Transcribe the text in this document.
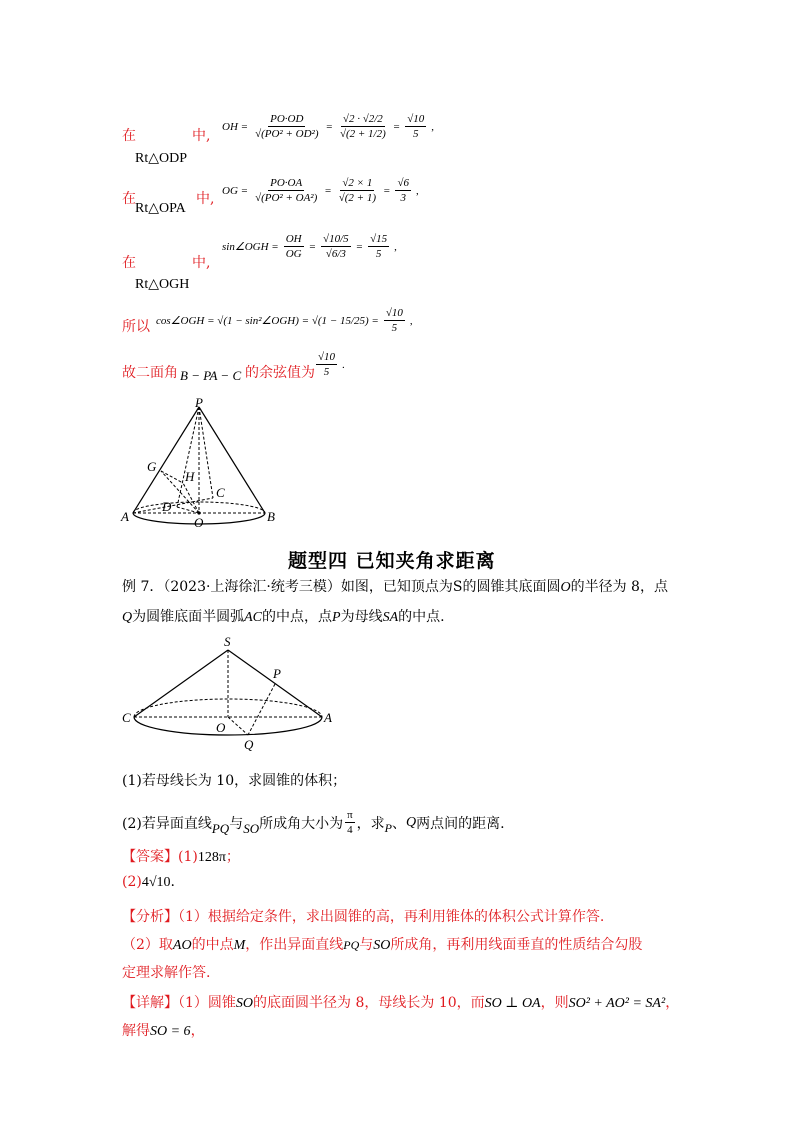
在	中,
Rt△ODP
OH = $\frac{PO\cdot OD}{\text{√(PO² + OD²)}} = \frac{√2 \cdot √2/2}{√(2 + 1/2)} = \frac{√10}{5}$ ,
在
Rt△OPA
中,
OG = $\frac{PO\cdot OA}{\text{√(PO² + OA²)}} = \frac{√2 \times 1}{√(2 + 1)} = \frac{√6}{3}$ ,
在	中,
Rt△OGH
sin∠OGH = $\frac{OH}{OG} = \frac{√10/5}{√6/3} = \frac{√15}{5}$ ,
所以 cos∠OGH = √(1 − sin²∠OGH) = $√(1 - 15/25) = \frac{√10}{5}$ ,
故二面角 B − PA − C 的余弦值为 $\frac{√10}{5}$ .
P
G
H
C
D
A	O	B
题型四 已知夹角求距离
例 7．（2023·上海徐汇·统考三模）如图，已知顶点为S的圆锥其底面圆O的半径为 8，点
Q为圆锥底面半圆弧AC的中点，点P为母线SA的中点.
S
P
C
O
A
Q
(1)若母线长为 10，求圆锥的体积；
(2)若异面直线 PQ 与 SO 所成角大小为 $\frac{\pi}{4}$ ，求 P 、 Q 两点间的距离.
【答案】(1)128π；
(2)4√10.
【分析】（1）根据给定条件，求出圆锥的高，再利用锥体的体积公式计算作答.
（2）取AO的中点M，作出异面直线PQ与SO所成角，再利用线面垂直的性质结合勾股
定理求解作答.
【详解】（1）圆锥SO的底面圆半径为 8，母线长为 10，而SO ⊥ OA，则SO² + AO² = SA²，
解得SO = 6，
